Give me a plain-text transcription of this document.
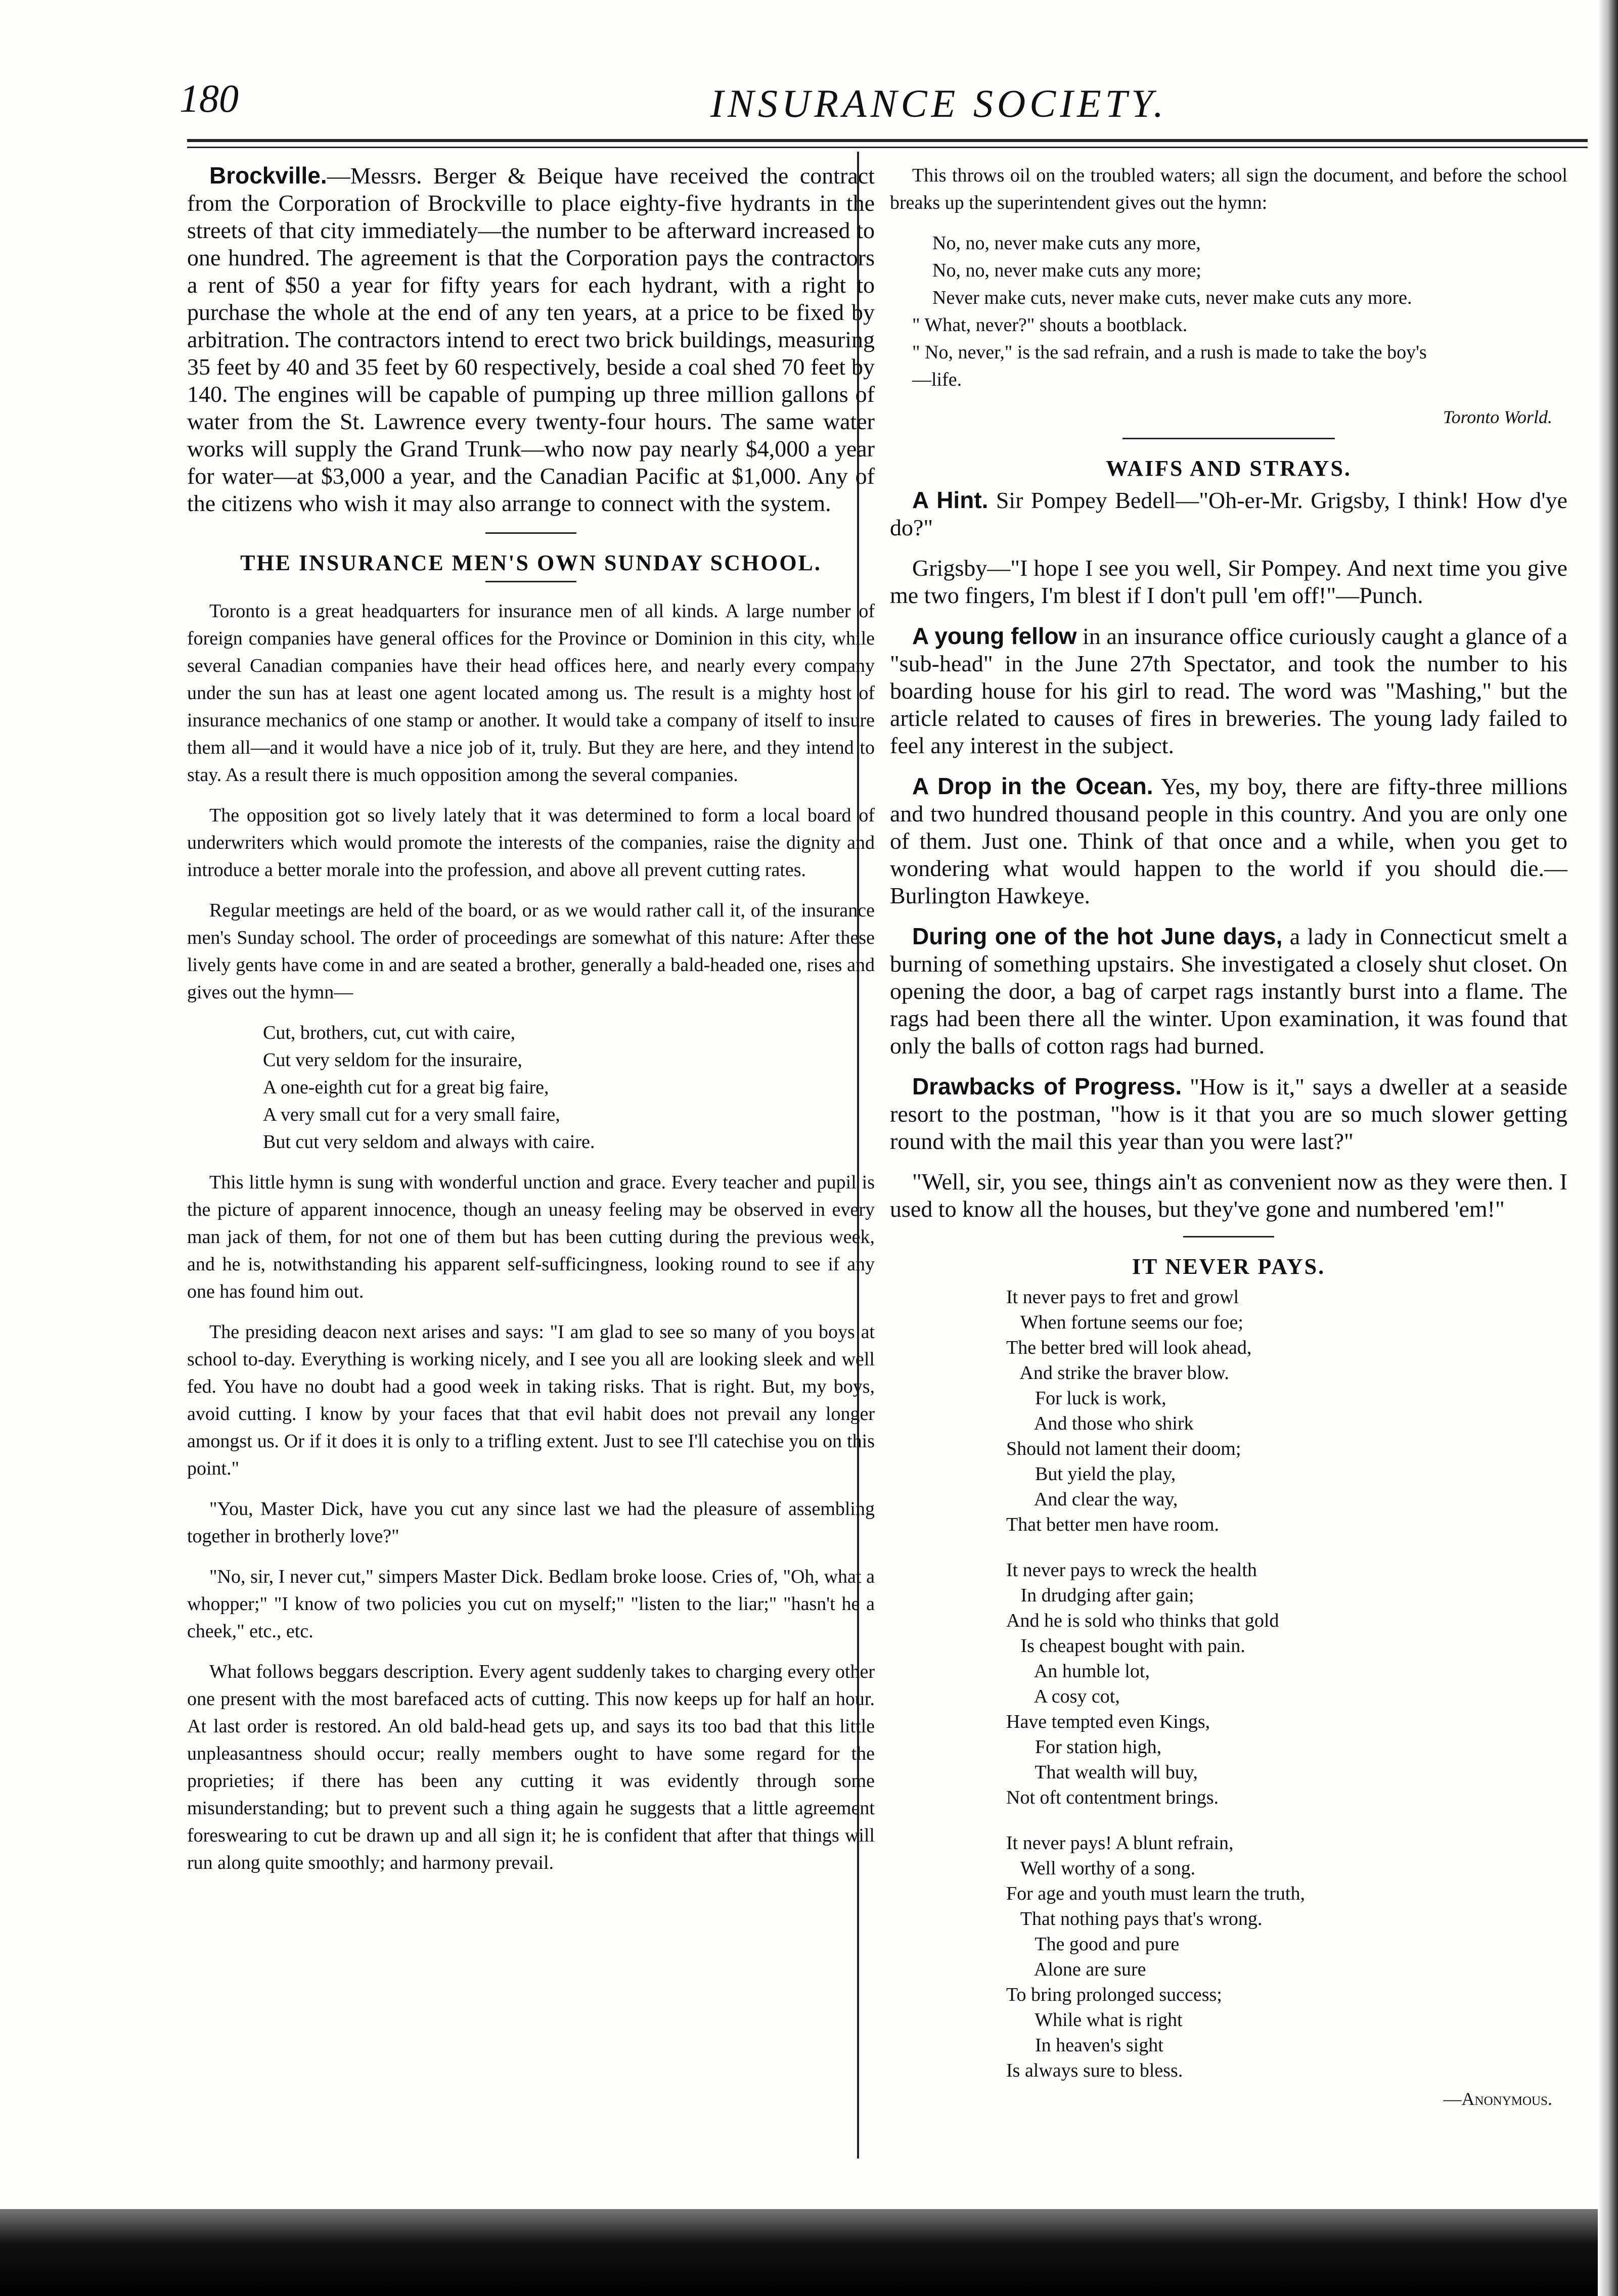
180	INSURANCE SOCIETY.

Brockville.—Messrs. Berger & Beique have received the contract from the Corporation of Brockville to place eighty-five hydrants in the streets of that city immediately—the number to be afterward increased to one hundred. The agreement is that the Corporation pays the contractors a rent of $50 a year for fifty years for each hydrant, with a right to purchase the whole at the end of any ten years, at a price to be fixed by arbitration. The contractors intend to erect two brick buildings, measuring 35 feet by 40 and 35 feet by 60 respectively, beside a coal shed 70 feet by 140. The engines will be capable of pumping up three million gallons of water from the St. Lawrence every twenty-four hours. The same water works will supply the Grand Trunk—who now pay nearly $4,000 a year for water—at $3,000 a year, and the Canadian Pacific at $1,000. Any of the citizens who wish it may also arrange to connect with the system.

THE INSURANCE MEN'S OWN SUNDAY SCHOOL.

Toronto is a great headquarters for insurance men of all kinds. A large number of foreign companies have general offices for the Province or Dominion in this city, while several Canadian companies have their head offices here, and nearly every company under the sun has at least one agent located among us. The result is a mighty host of insurance mechanics of one stamp or another. It would take a company of itself to insure them all—and it would have a nice job of it, truly. But they are here, and they intend to stay. As a result there is much opposition among the several companies.

The opposition got so lively lately that it was determined to form a local board of underwriters which would promote the interests of the companies, raise the dignity and introduce a better morale into the profession, and above all prevent cutting rates.

Regular meetings are held of the board, or as we would rather call it, of the insurance men's Sunday school. The order of proceedings are somewhat of this nature: After these lively gents have come in and are seated a brother, generally a bald-headed one, rises and gives out the hymn—

Cut, brothers, cut, cut with caire,
Cut very seldom for the insuraire,
A one-eighth cut for a great big faire,
A very small cut for a very small faire,
But cut very seldom and always with caire.

This little hymn is sung with wonderful unction and grace. Every teacher and pupil is the picture of apparent innocence, though an uneasy feeling may be observed in every man jack of them, for not one of them but has been cutting during the previous week, and he is, notwithstanding his apparent self-sufficingness, looking round to see if any one has found him out.

The presiding deacon next arises and says: "I am glad to see so many of you boys at school to-day. Everything is working nicely, and I see you all are looking sleek and well fed. You have no doubt had a good week in taking risks. That is right. But, my boys, avoid cutting. I know by your faces that that evil habit does not prevail any longer amongst us. Or if it does it is only to a trifling extent. Just to see I'll catechise you on this point."

"You, Master Dick, have you cut any since last we had the pleasure of assembling together in brotherly love?"

"No, sir, I never cut," simpers Master Dick. Bedlam broke loose. Cries of, "Oh, what a whopper;" "I know of two policies you cut on myself;" "listen to the liar;" "hasn't he a cheek," etc., etc.

What follows beggars description. Every agent suddenly takes to charging every other one present with the most barefaced acts of cutting. This now keeps up for half an hour. At last order is restored. An old bald-head gets up, and says its too bad that this little unpleasantness should occur; really members ought to have some regard for the proprieties; if there has been any cutting it was evidently through some misunderstanding; but to prevent such a thing again he suggests that a little agreement foreswearing to cut be drawn up and all sign it; he is confident that after that things will run along quite smoothly; and harmony prevail.

This throws oil on the troubled waters; all sign the document, and before the school breaks up the superintendent gives out the hymn:

No, no, never make cuts any more,
No, no, never make cuts any more;
Never make cuts, never make cuts, never make cuts any more.
" What, never?" shouts a bootblack.
" No, never," is the sad refrain, and a rush is made to take the boy's
—life.
Toronto World.
WAIFS AND STRAYS.

A Hint. Sir Pompey Bedell—"Oh-er-Mr. Grigsby, I think! How d'ye do?"

Grigsby—"I hope I see you well, Sir Pompey. And next time you give me two fingers, I'm blest if I don't pull 'em off!"—Punch.

A young fellow in an insurance office curiously caught a glance of a "sub-head" in the June 27th Spectator, and took the number to his boarding house for his girl to read. The word was "Mashing," but the article related to causes of fires in breweries. The young lady failed to feel any interest in the subject.

A Drop in the Ocean. Yes, my boy, there are fifty-three millions and two hundred thousand people in this country. And you are only one of them. Just one. Think of that once and a while, when you get to wondering what would happen to the world if you should die.—Burlington Hawkeye.

During one of the hot June days, a lady in Connecticut smelt a burning of something upstairs. She investigated a closely shut closet. On opening the door, a bag of carpet rags instantly burst into a flame. The rags had been there all the winter. Upon examination, it was found that only the balls of cotton rags had burned.

Drawbacks of Progress. "How is it," says a dweller at a seaside resort to the postman, "how is it that you are so much slower getting round with the mail this year than you were last?"

"Well, sir, you see, things ain't as convenient now as they were then. I used to know all the houses, but they've gone and numbered 'em!"

IT NEVER PAYS.
It never pays to fret and growl
When fortune seems our foe;
The better bred will look ahead,
And strike the braver blow.
For luck is work,
And those who shirk
Should not lament their doom;
But yield the play,
And clear the way,
That better men have room.
It never pays to wreck the health
In drudging after gain;
And he is sold who thinks that gold
Is cheapest bought with pain.
An humble lot,
A cosy cot,
Have tempted even Kings,
For station high,
That wealth will buy,
Not oft contentment brings.
It never pays! A blunt refrain,
Well worthy of a song.
For age and youth must learn the truth,
That nothing pays that's wrong.
The good and pure
Alone are sure
To bring prolonged success;
While what is right
In heaven's sight
Is always sure to bless.
—Anonymous.
